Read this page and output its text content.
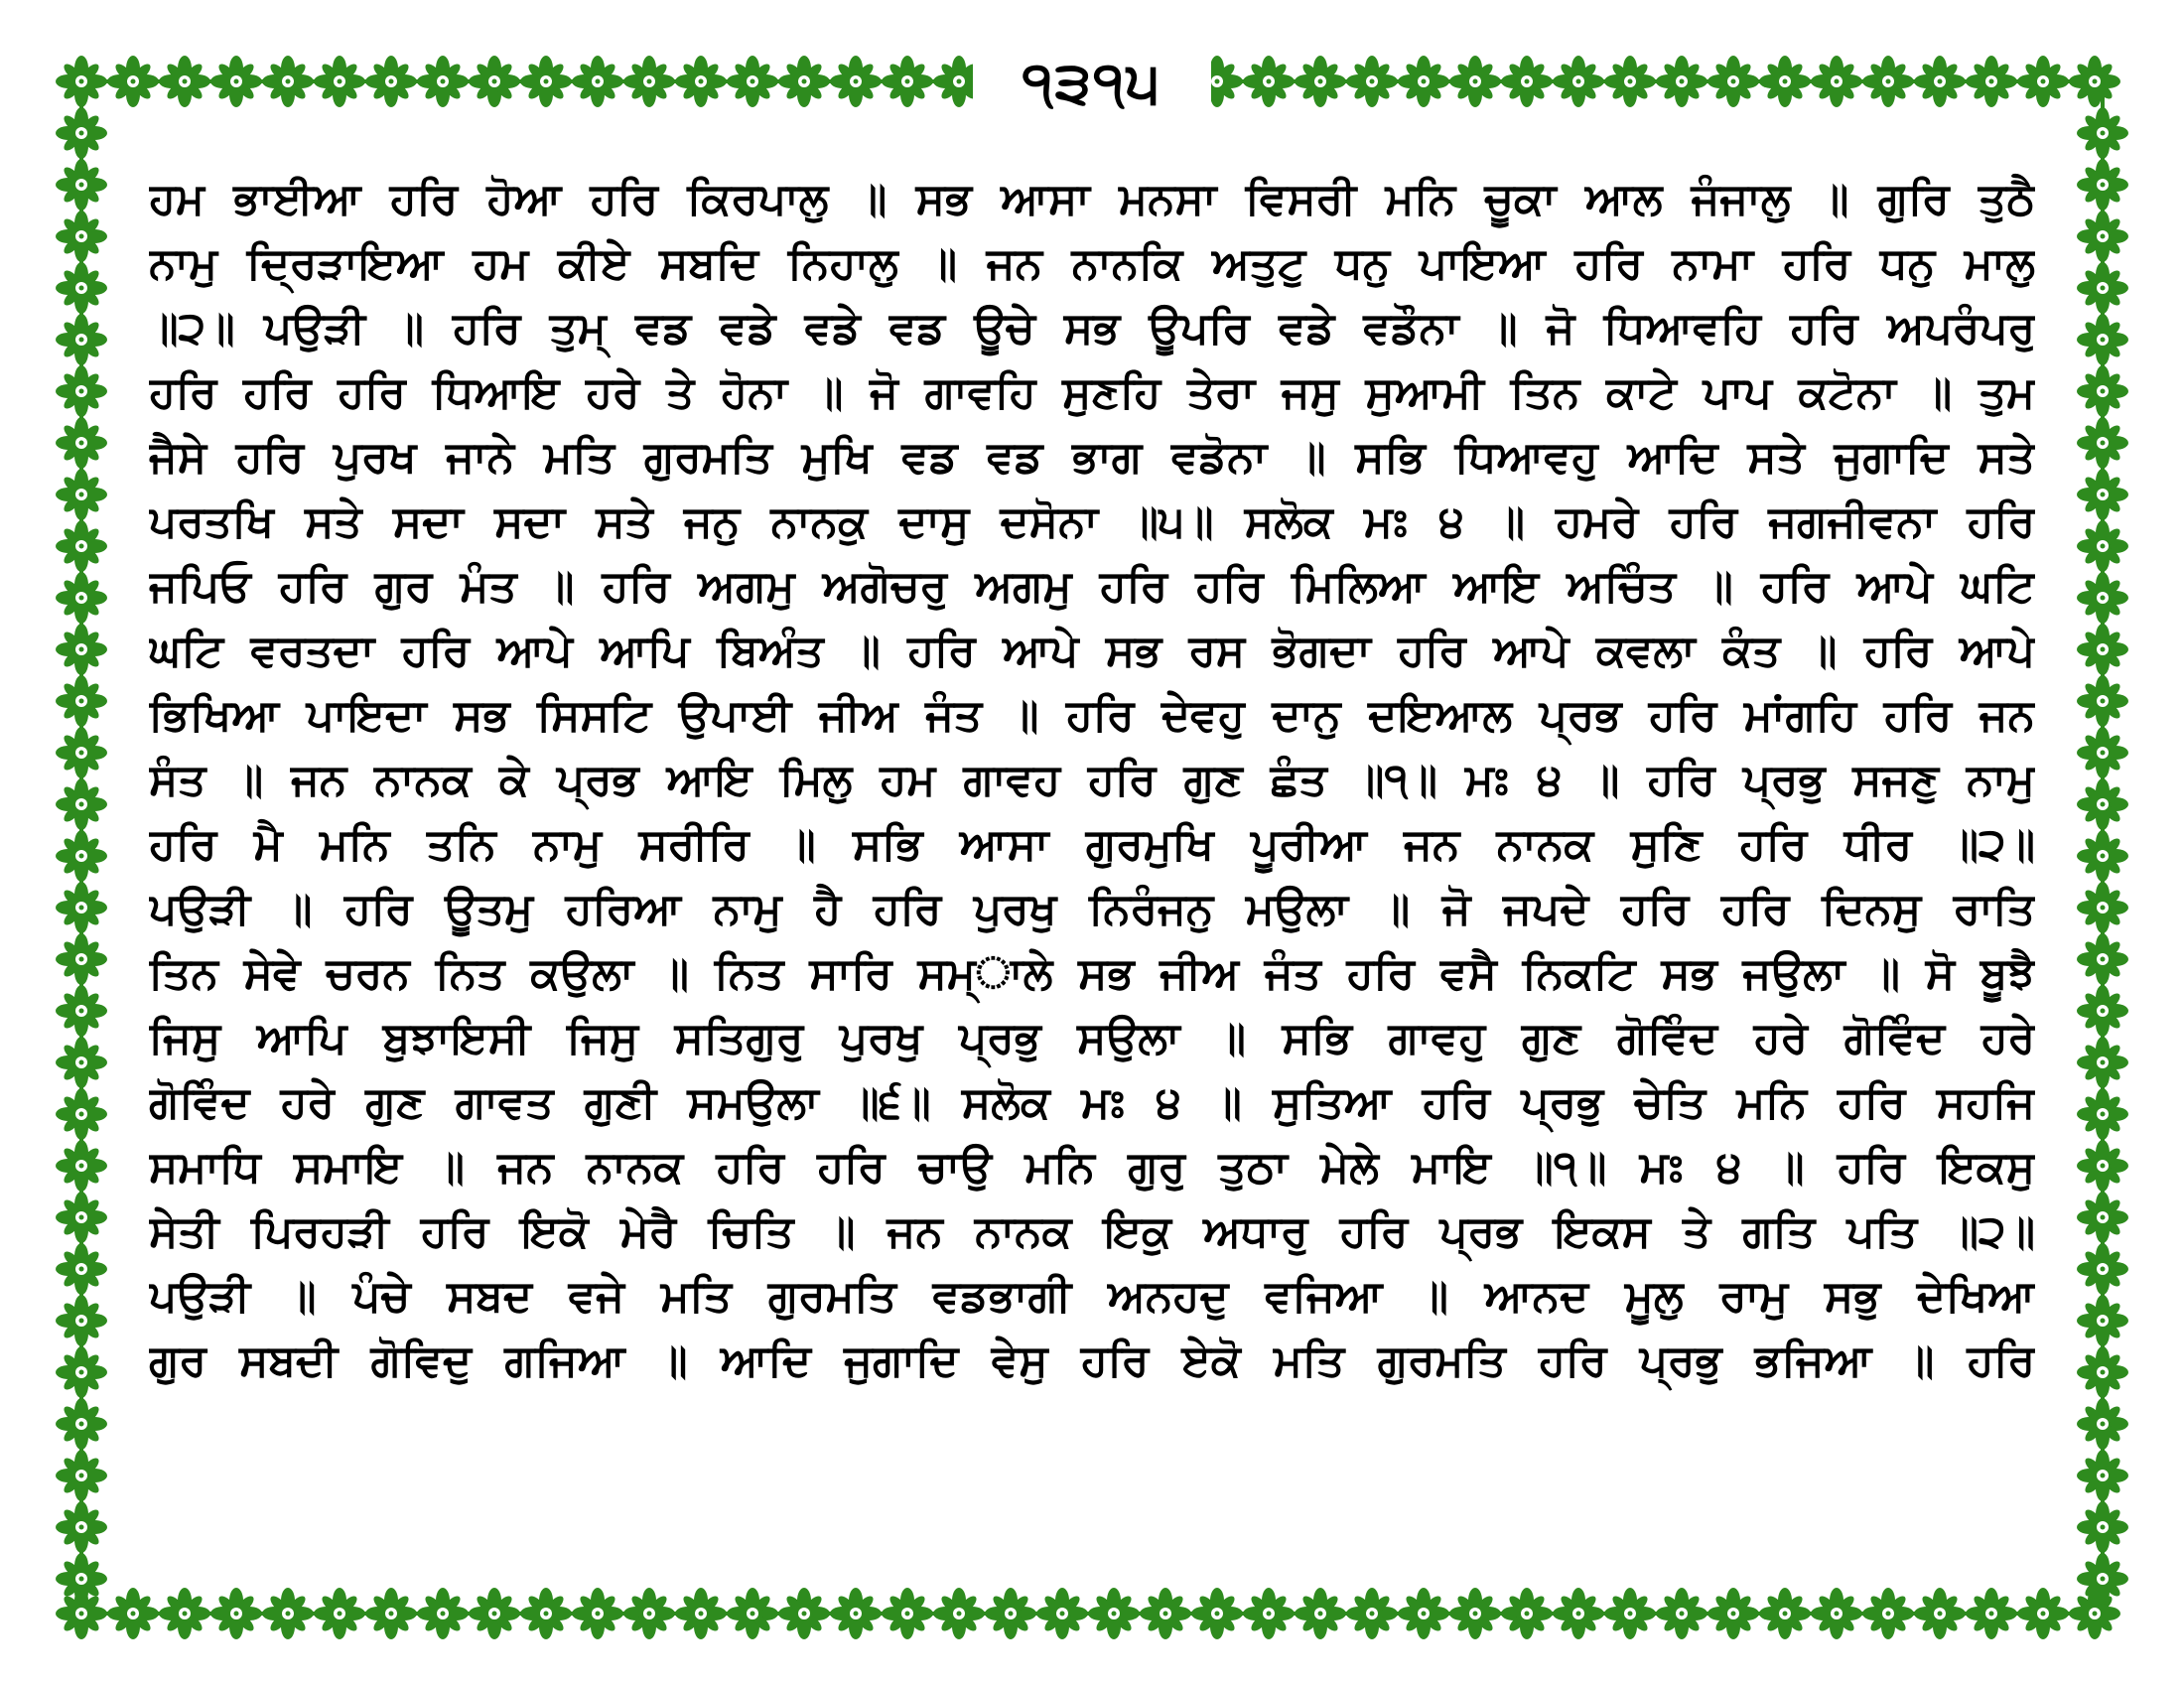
੧੩੧੫
ਹਮ ਭਾਈਆ ਹਰਿ ਹੋਆ ਹਰਿ ਕਿਰਪਾਲੁ ॥ ਸਭ ਆਸਾ ਮਨਸਾ ਵਿਸਰੀ ਮਨਿ ਚੂਕਾ ਆਲ ਜੰਜਾਲੁ ॥ ਗੁਰਿ ਤੁਠੈ
ਨਾਮੁ ਦ੍ਰਿੜਾਇਆ ਹਮ ਕੀਏ ਸਬਦਿ ਨਿਹਾਲੁ ॥ ਜਨ ਨਾਨਕਿ ਅਤੁਟੁ ਧਨੁ ਪਾਇਆ ਹਰਿ ਨਾਮਾ ਹਰਿ ਧਨੁ ਮਾਲੁ
॥੨॥ ਪਉੜੀ ॥ ਹਰਿ ਤੁਮ੍ ਵਡ ਵਡੇ ਵਡੇ ਵਡ ਊਚੇ ਸਭ ਊਪਰਿ ਵਡੇ ਵਡੌਨਾ ॥ ਜੋ ਧਿਆਵਹਿ ਹਰਿ ਅਪਰੰਪਰੁ
ਹਰਿ ਹਰਿ ਹਰਿ ਧਿਆਇ ਹਰੇ ਤੇ ਹੋਨਾ ॥ ਜੋ ਗਾਵਹਿ ਸੁਣਹਿ ਤੇਰਾ ਜਸੁ ਸੁਆਮੀ ਤਿਨ ਕਾਟੇ ਪਾਪ ਕਟੋਨਾ ॥ ਤੁਮ
ਜੈਸੇ ਹਰਿ ਪੁਰਖ ਜਾਨੇ ਮਤਿ ਗੁਰਮਤਿ ਮੁਖਿ ਵਡ ਵਡ ਭਾਗ ਵਡੋਨਾ ॥ ਸਭਿ ਧਿਆਵਹੁ ਆਦਿ ਸਤੇ ਜੁਗਾਦਿ ਸਤੇ
ਪਰਤਖਿ ਸਤੇ ਸਦਾ ਸਦਾ ਸਤੇ ਜਨੁ ਨਾਨਕੁ ਦਾਸੁ ਦਸੋਨਾ ॥੫॥ ਸਲੋਕ ਮਃ ੪ ॥ ਹਮਰੇ ਹਰਿ ਜਗਜੀਵਨਾ ਹਰਿ
ਜਪਿਓ ਹਰਿ ਗੁਰ ਮੰਤ ॥ ਹਰਿ ਅਗਮੁ ਅਗੋਚਰੁ ਅਗਮੁ ਹਰਿ ਹਰਿ ਮਿਲਿਆ ਆਇ ਅਚਿੰਤ ॥ ਹਰਿ ਆਪੇ ਘਟਿ
ਘਟਿ ਵਰਤਦਾ ਹਰਿ ਆਪੇ ਆਪਿ ਬਿਅੰਤ ॥ ਹਰਿ ਆਪੇ ਸਭ ਰਸ ਭੋਗਦਾ ਹਰਿ ਆਪੇ ਕਵਲਾ ਕੰਤ ॥ ਹਰਿ ਆਪੇ
ਭਿਖਿਆ ਪਾਇਦਾ ਸਭ ਸਿਸਟਿ ਉਪਾਈ ਜੀਅ ਜੰਤ ॥ ਹਰਿ ਦੇਵਹੁ ਦਾਨੁ ਦਇਆਲ ਪ੍ਰਭ ਹਰਿ ਮਾਂਗਹਿ ਹਰਿ ਜਨ
ਸੰਤ ॥ ਜਨ ਨਾਨਕ ਕੇ ਪ੍ਰਭ ਆਇ ਮਿਲੁ ਹਮ ਗਾਵਹ ਹਰਿ ਗੁਣ ਛੰਤ ॥੧॥ ਮਃ ੪ ॥ ਹਰਿ ਪ੍ਰਭੁ ਸਜਣੁ ਨਾਮੁ
ਹਰਿ ਮੈ ਮਨਿ ਤਨਿ ਨਾਮੁ ਸਰੀਰਿ ॥ ਸਭਿ ਆਸਾ ਗੁਰਮੁਖਿ ਪੂਰੀਆ ਜਨ ਨਾਨਕ ਸੁਣਿ ਹਰਿ ਧੀਰ ॥੨॥
ਪਉੜੀ ॥ ਹਰਿ ਊਤਮੁ ਹਰਿਆ ਨਾਮੁ ਹੈ ਹਰਿ ਪੁਰਖੁ ਨਿਰੰਜਨੁ ਮਉਲਾ ॥ ਜੋ ਜਪਦੇ ਹਰਿ ਹਰਿ ਦਿਨਸੁ ਰਾਤਿ
ਤਿਨ ਸੇਵੇ ਚਰਨ ਨਿਤ ਕਉਲਾ ॥ ਨਿਤ ਸਾਰਿ ਸਮ੍ਾਲੇ ਸਭ ਜੀਅ ਜੰਤ ਹਰਿ ਵਸੈ ਨਿਕਟਿ ਸਭ ਜਉਲਾ ॥ ਸੋ ਬੂਝੈ
ਜਿਸੁ ਆਪਿ ਬੁਝਾਇਸੀ ਜਿਸੁ ਸਤਿਗੁਰੁ ਪੁਰਖੁ ਪ੍ਰਭੁ ਸਉਲਾ ॥ ਸਭਿ ਗਾਵਹੁ ਗੁਣ ਗੋਵਿੰਦ ਹਰੇ ਗੋਵਿੰਦ ਹਰੇ
ਗੋਵਿੰਦ ਹਰੇ ਗੁਣ ਗਾਵਤ ਗੁਣੀ ਸਮਉਲਾ ॥੬॥ ਸਲੋਕ ਮਃ ੪ ॥ ਸੁਤਿਆ ਹਰਿ ਪ੍ਰਭੁ ਚੇਤਿ ਮਨਿ ਹਰਿ ਸਹਜਿ
ਸਮਾਧਿ ਸਮਾਇ ॥ ਜਨ ਨਾਨਕ ਹਰਿ ਹਰਿ ਚਾਉ ਮਨਿ ਗੁਰੁ ਤੁਠਾ ਮੇਲੇ ਮਾਇ ॥੧॥ ਮਃ ੪ ॥ ਹਰਿ ਇਕਸੁ
ਸੇਤੀ ਪਿਰਹੜੀ ਹਰਿ ਇਕੋ ਮੇਰੈ ਚਿਤਿ ॥ ਜਨ ਨਾਨਕ ਇਕੁ ਅਧਾਰੁ ਹਰਿ ਪ੍ਰਭ ਇਕਸ ਤੇ ਗਤਿ ਪਤਿ ॥੨॥
ਪਉੜੀ ॥ ਪੰਚੇ ਸਬਦ ਵਜੇ ਮਤਿ ਗੁਰਮਤਿ ਵਡਭਾਗੀ ਅਨਹਦੁ ਵਜਿਆ ॥ ਆਨਦ ਮੂਲੁ ਰਾਮੁ ਸਭੁ ਦੇਖਿਆ
ਗੁਰ ਸਬਦੀ ਗੋਵਿਦੁ ਗਜਿਆ ॥ ਆਦਿ ਜੁਗਾਦਿ ਵੇਸੁ ਹਰਿ ਏਕੋ ਮਤਿ ਗੁਰਮਤਿ ਹਰਿ ਪ੍ਰਭੁ ਭਜਿਆ ॥ ਹਰਿ
